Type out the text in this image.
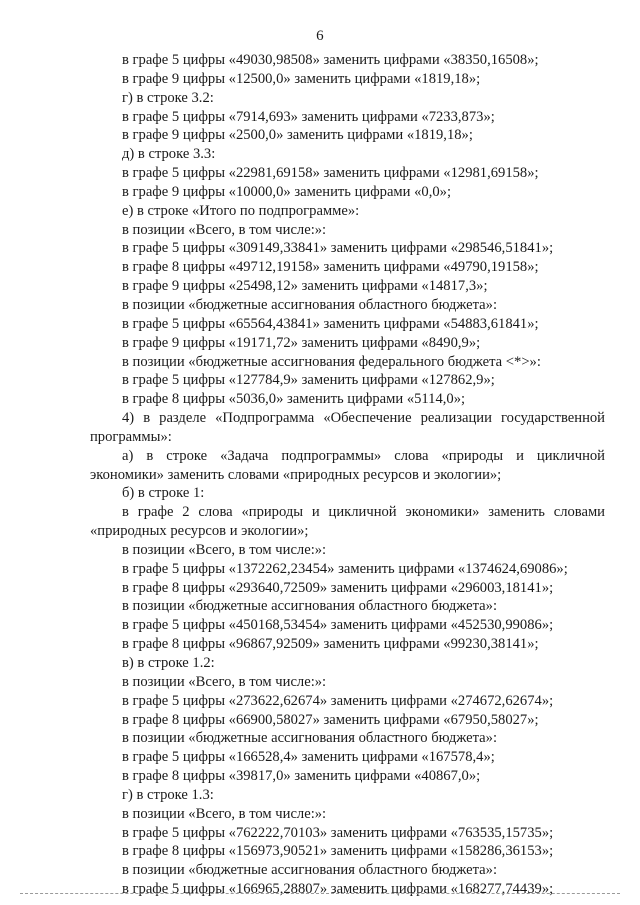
6
в графе 5 цифры «49030,98508» заменить цифрами «38350,16508»;
в графе 9 цифры «12500,0» заменить цифрами «1819,18»;
г) в строке 3.2:
в графе 5 цифры «7914,693» заменить цифрами «7233,873»;
в графе 9 цифры «2500,0» заменить цифрами «1819,18»;
д) в строке 3.3:
в графе 5 цифры «22981,69158» заменить цифрами «12981,69158»;
в графе 9 цифры «10000,0» заменить цифрами «0,0»;
е) в строке «Итого по подпрограмме»:
в позиции «Всего, в том числе:»:
в графе 5 цифры «309149,33841» заменить цифрами «298546,51841»;
в графе 8 цифры «49712,19158» заменить цифрами «49790,19158»;
в графе 9 цифры «25498,12» заменить цифрами «14817,3»;
в позиции «бюджетные ассигнования областного бюджета»:
в графе 5 цифры «65564,43841» заменить цифрами «54883,61841»;
в графе 9 цифры «19171,72» заменить цифрами «8490,9»;
в позиции «бюджетные ассигнования федерального бюджета <*>»:
в графе 5 цифры «127784,9» заменить цифрами «127862,9»;
в графе 8 цифры «5036,0» заменить цифрами «5114,0»;
4) в разделе «Подпрограмма «Обеспечение реализации государственной
программы»:
а) в строке «Задача подпрограммы» слова «природы и цикличной
экономики» заменить словами «природных ресурсов и экологии»;
б) в строке 1:
в графе 2 слова «природы и цикличной экономики» заменить словами
«природных ресурсов и экологии»;
в позиции «Всего, в том числе:»:
в графе 5 цифры «1372262,23454» заменить цифрами «1374624,69086»;
в графе 8 цифры «293640,72509» заменить цифрами «296003,18141»;
в позиции «бюджетные ассигнования областного бюджета»:
в графе 5 цифры «450168,53454» заменить цифрами «452530,99086»;
в графе 8 цифры «96867,92509» заменить цифрами «99230,38141»;
в) в строке 1.2:
в позиции «Всего, в том числе:»:
в графе 5 цифры «273622,62674» заменить цифрами «274672,62674»;
в графе 8 цифры «66900,58027» заменить цифрами «67950,58027»;
в позиции «бюджетные ассигнования областного бюджета»:
в графе 5 цифры «166528,4» заменить цифрами «167578,4»;
в графе 8 цифры «39817,0» заменить цифрами «40867,0»;
г) в строке 1.3:
в позиции «Всего, в том числе:»:
в графе 5 цифры «762222,70103» заменить цифрами «763535,15735»;
в графе 8 цифры «156973,90521» заменить цифрами «158286,36153»;
в позиции «бюджетные ассигнования областного бюджета»:
в графе 5 цифры «166965,28807» заменить цифрами «168277,74439»;
